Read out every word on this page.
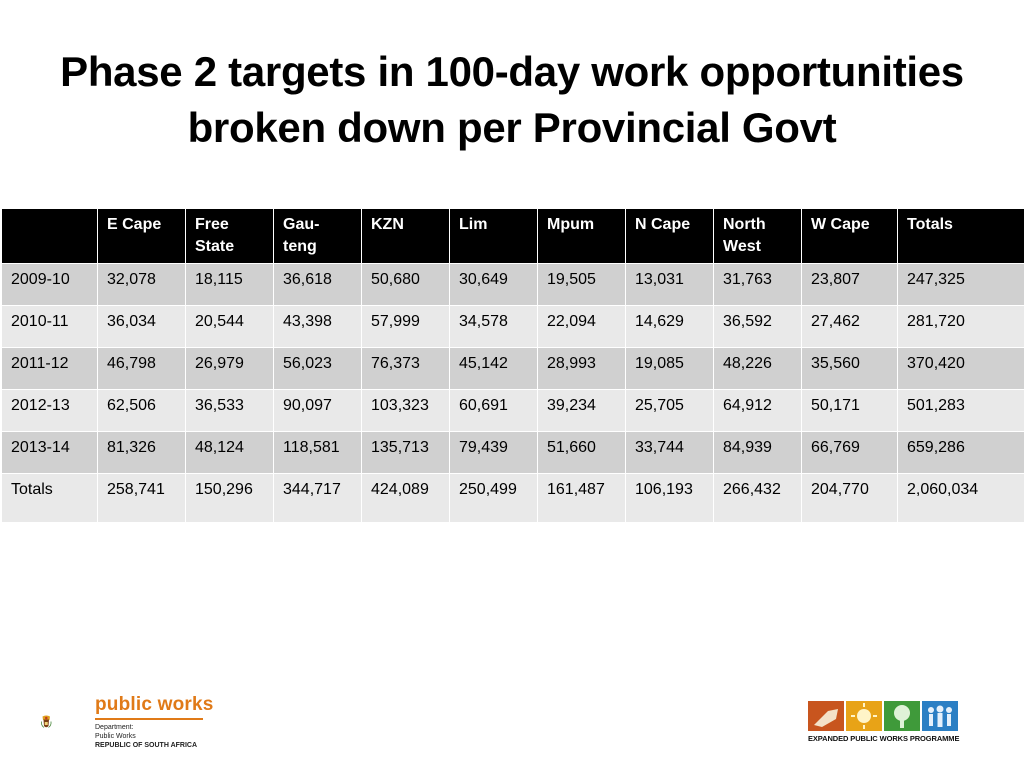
Phase 2 targets in 100-day work opportunities
broken down per Provincial Govt
	E Cape	Free State	Gau-teng	KZN	Lim	Mpum	N Cape	North West	W Cape	Totals
2009-10	32,078	18,115	36,618	50,680	30,649	19,505	13,031	31,763	23,807	247,325
2010-11	36,034	20,544	43,398	57,999	34,578	22,094	14,629	36,592	27,462	281,720
2011-12	46,798	26,979	56,023	76,373	45,142	28,993	19,085	48,226	35,560	370,420
2012-13	62,506	36,533	90,097	103,323	60,691	39,234	25,705	64,912	50,171	501,283
2013-14	81,326	48,124	118,581	135,713	79,439	51,660	33,744	84,939	66,769	659,286
Totals	258,741	150,296	344,717	424,089	250,499	161,487	106,193	266,432	204,770	2,060,034
public works
Department:
Public Works
REPUBLIC OF SOUTH AFRICA
EXPANDED PUBLIC WORKS PROGRAMME
